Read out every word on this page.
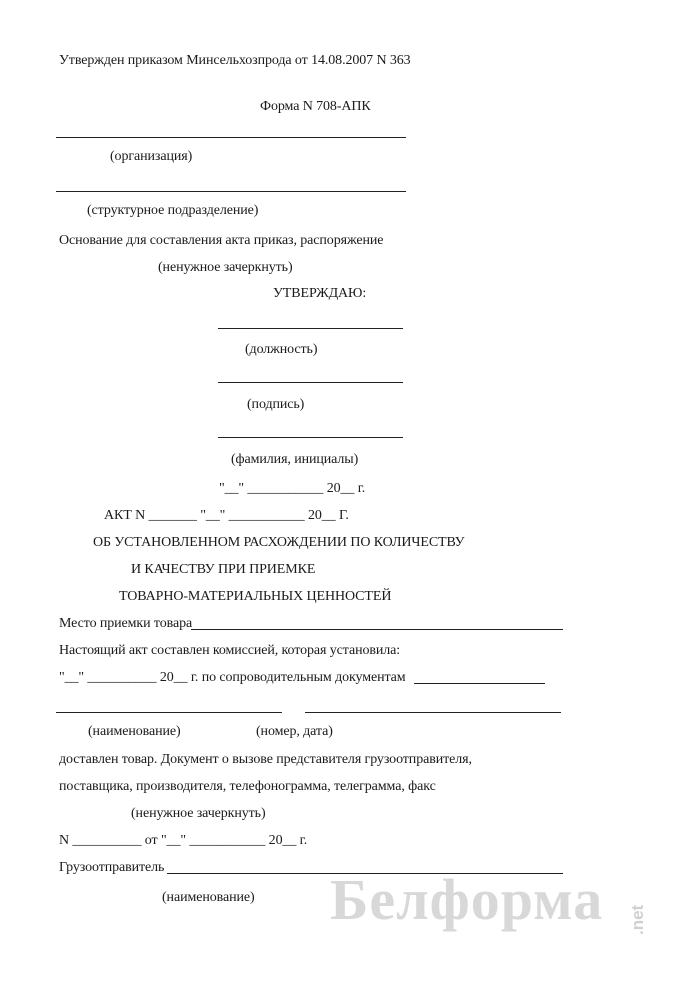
Утвержден приказом Минсельхозпрода от 14.08.2007 N 363
Форма N 708-АПК
(организация)
(структурное подразделение)
Основание для составления акта приказ, распоряжение
(ненужное зачеркнуть)
УТВЕРЖДАЮ:
(должность)
(подпись)
(фамилия, инициалы)
"__" ___________ 20__ г.
АКТ N _______ "__" ___________ 20__ Г.
ОБ УСТАНОВЛЕННОМ РАСХОЖДЕНИИ ПО КОЛИЧЕСТВУ
И КАЧЕСТВУ ПРИ ПРИЕМКЕ
ТОВАРНО-МАТЕРИАЛЬНЫХ ЦЕННОСТЕЙ
Место приемки товара
Настоящий акт составлен комиссией, которая установила:
"__" __________ 20__ г. по сопроводительным документам
(наименование)	(номер, дата)
доставлен товар. Документ о вызове представителя грузоотправителя,
поставщика, производителя, телефонограмма, телеграмма, факс
(ненужное зачеркнуть)
N __________ от "__" ___________ 20__ г.
Грузоотправитель
(наименование) Белформа .net
